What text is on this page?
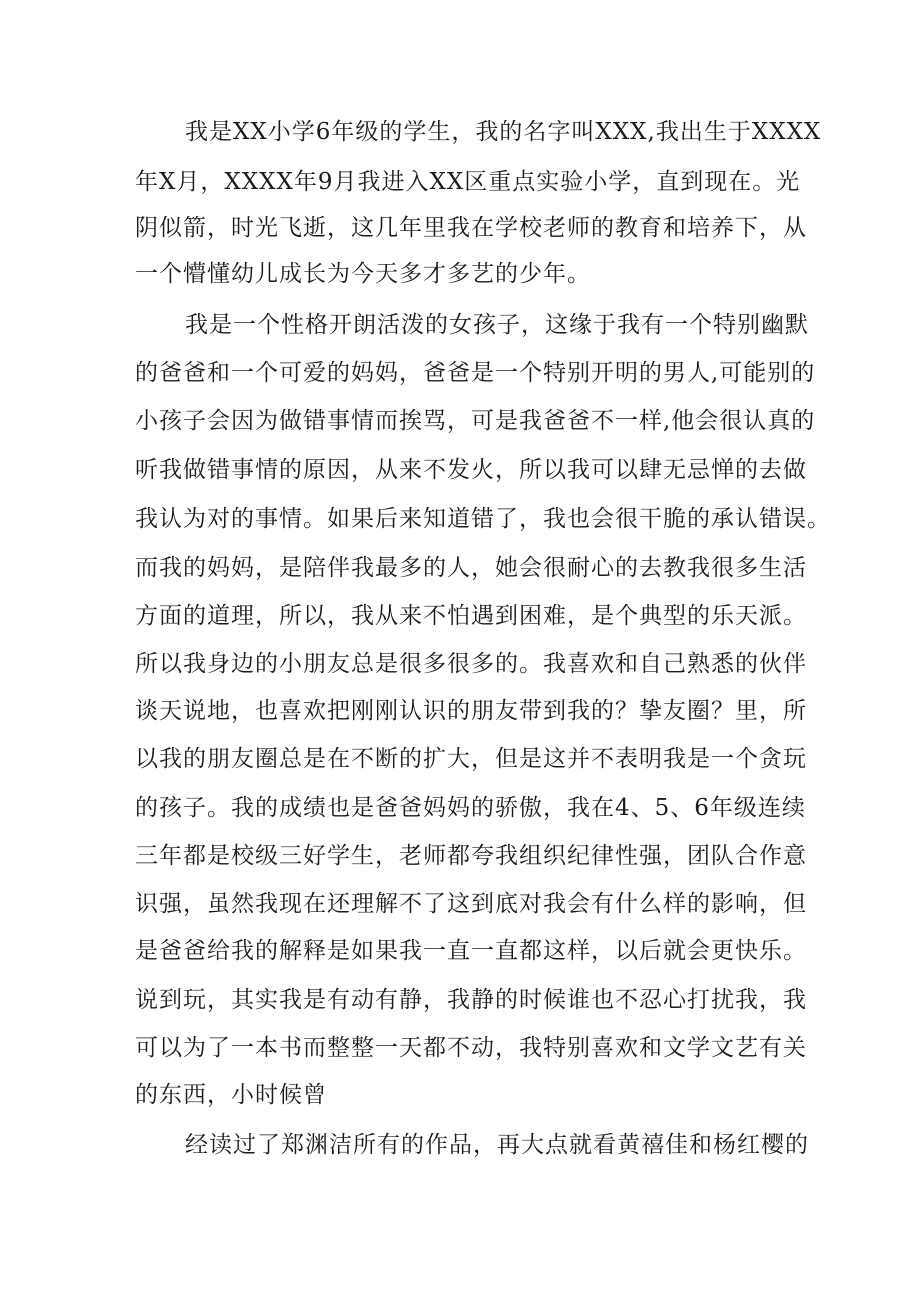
我是XX小学6年级的学生，我的名字叫XXX,我出生于XXXX
年X月，XXXX年9月我进入XX区重点实验小学，直到现在。光
阴似箭，时光飞逝，这几年里我在学校老师的教育和培养下，从
一个懵懂幼儿成长为今天多才多艺的少年。
我是一个性格开朗活泼的女孩子，这缘于我有一个特别幽默
的爸爸和一个可爱的妈妈，爸爸是一个特别开明的男人,可能别的
小孩子会因为做错事情而挨骂，可是我爸爸不一样,他会很认真的
听我做错事情的原因，从来不发火，所以我可以肆无忌惮的去做
我认为对的事情。如果后来知道错了，我也会很干脆的承认错误。
而我的妈妈，是陪伴我最多的人，她会很耐心的去教我很多生活
方面的道理，所以，我从来不怕遇到困难，是个典型的乐天派。
所以我身边的小朋友总是很多很多的。我喜欢和自己熟悉的伙伴
谈天说地，也喜欢把刚刚认识的朋友带到我的？挚友圈？里，所
以我的朋友圈总是在不断的扩大，但是这并不表明我是一个贪玩
的孩子。我的成绩也是爸爸妈妈的骄傲，我在4、5、6年级连续
三年都是校级三好学生，老师都夸我组织纪律性强，团队合作意
识强，虽然我现在还理解不了这到底对我会有什么样的影响，但
是爸爸给我的解释是如果我一直一直都这样，以后就会更快乐。
说到玩，其实我是有动有静，我静的时候谁也不忍心打扰我，我
可以为了一本书而整整一天都不动，我特别喜欢和文学文艺有关
的东西，小时候曾
经读过了郑渊洁所有的作品，再大点就看黄禧佳和杨红樱的
